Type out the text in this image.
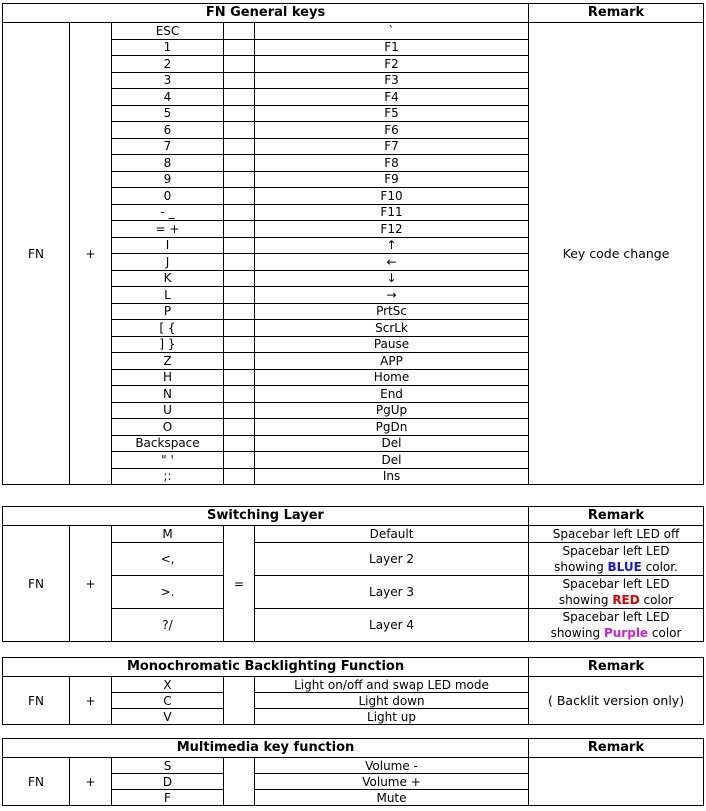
FN General keys					Remark
FN	+	ESC		`	Key code change
		1		F1	
		2		F2	
		3		F3	
		4		F4	
		5		F5	
		6		F6	
		7		F7	
		8		F8	
		9		F9	
		0		F10	
		- _		F11	
		= +		F12	
		I		↑	
		J		←	
		K		↓	
		L		→	
		P		PrtSc	
		[ {		ScrLk	
		] }		Pause	
		Z		APP	
		H		Home	
		N		End	
		U		PgUp	
		O		PgDn	
		Backspace		Del	
		" '		Del	
		;:		Ins	
Switching Layer					Remark
FN	+	M	=	Default	Spacebar left LED off
		<,		Layer 2	Spacebar left LED
showing BLUE color.
		>.		Layer 3	Spacebar left LED
showing RED color
		?/		Layer 4	Spacebar left LED
showing Purple color
Monochromatic Backlighting Function					Remark
FN	+	X		Light on/off and swap LED mode	( Backlit version only)
		C		Light down	
		V		Light up	
Multimedia key function					Remark
FN	+	S		Volume -	
		D		Volume +	
		F		Mute	
